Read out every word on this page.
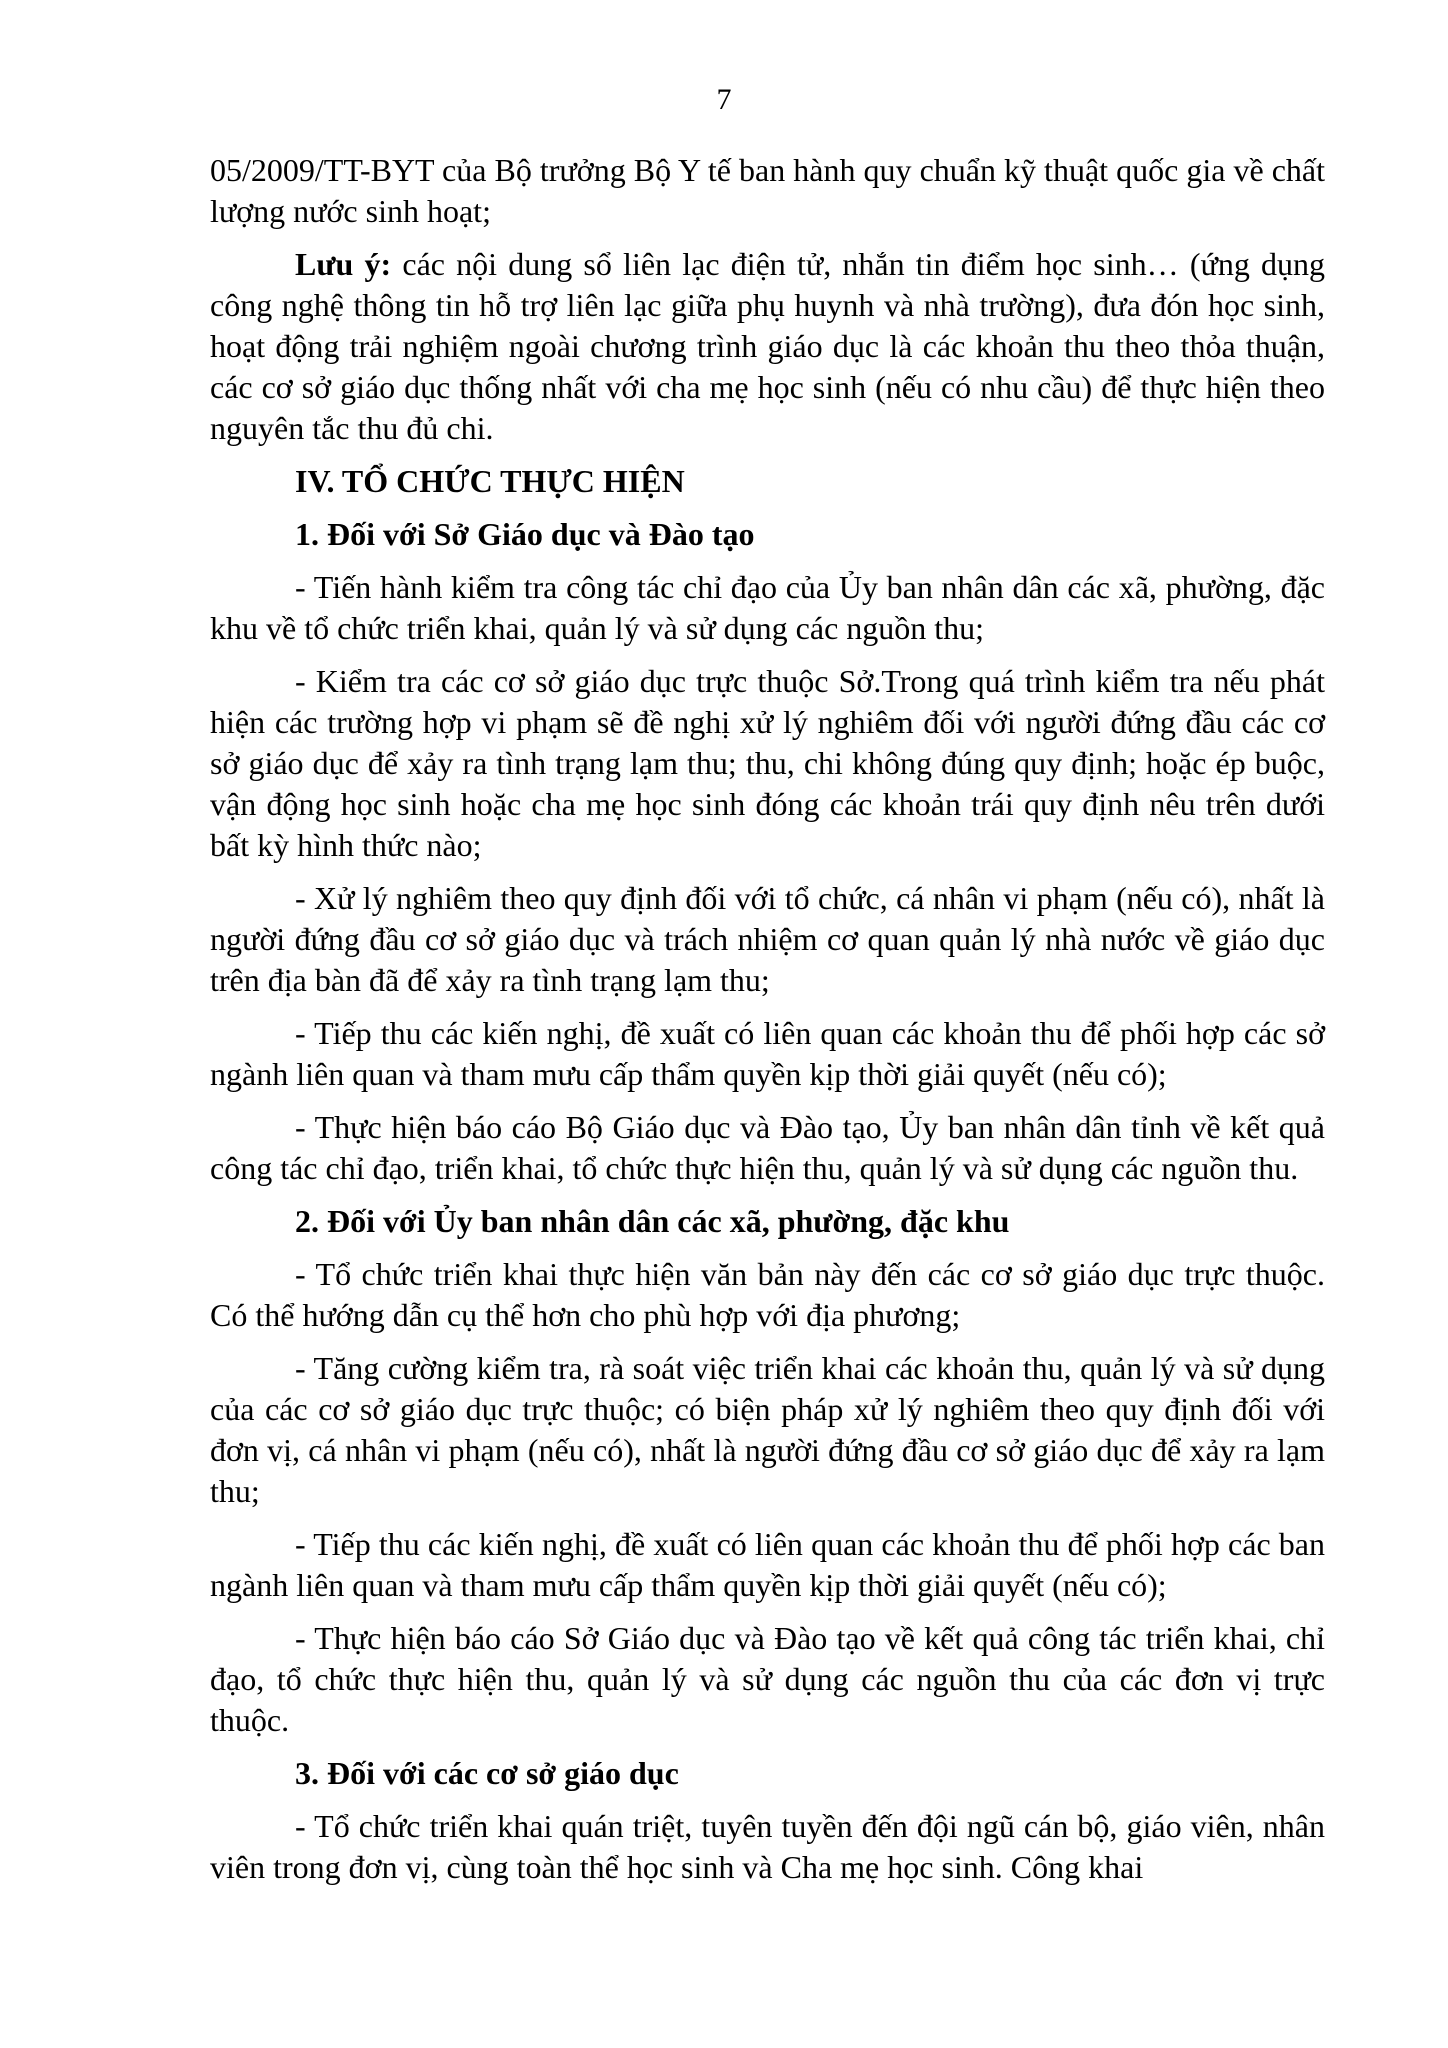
7

05/2009/TT-BYT của Bộ trưởng Bộ Y tế ban hành quy chuẩn kỹ thuật quốc gia về chất lượng nước sinh hoạt;

Lưu ý: các nội dung sổ liên lạc điện tử, nhắn tin điểm học sinh… (ứng dụng công nghệ thông tin hỗ trợ liên lạc giữa phụ huynh và nhà trường), đưa đón học sinh, hoạt động trải nghiệm ngoài chương trình giáo dục là các khoản thu theo thỏa thuận, các cơ sở giáo dục thống nhất với cha mẹ học sinh (nếu có nhu cầu) để thực hiện theo nguyên tắc thu đủ chi.

IV. TỔ CHỨC THỰC HIỆN
1. Đối với Sở Giáo dục và Đào tạo

- Tiến hành kiểm tra công tác chỉ đạo của Ủy ban nhân dân các xã, phường, đặc khu về tổ chức triển khai, quản lý và sử dụng các nguồn thu;

- Kiểm tra các cơ sở giáo dục trực thuộc Sở.Trong quá trình kiểm tra nếu phát hiện các trường hợp vi phạm sẽ đề nghị xử lý nghiêm đối với người đứng đầu các cơ sở giáo dục để xảy ra tình trạng lạm thu; thu, chi không đúng quy định; hoặc ép buộc, vận động học sinh hoặc cha mẹ học sinh đóng các khoản trái quy định nêu trên dưới bất kỳ hình thức nào;

- Xử lý nghiêm theo quy định đối với tổ chức, cá nhân vi phạm (nếu có), nhất là người đứng đầu cơ sở giáo dục và trách nhiệm cơ quan quản lý nhà nước về giáo dục trên địa bàn đã để xảy ra tình trạng lạm thu;

- Tiếp thu các kiến nghị, đề xuất có liên quan các khoản thu để phối hợp các sở ngành liên quan và tham mưu cấp thẩm quyền kịp thời giải quyết (nếu có);

- Thực hiện báo cáo Bộ Giáo dục và Đào tạo, Ủy ban nhân dân tỉnh về kết quả công tác chỉ đạo, triển khai, tổ chức thực hiện thu, quản lý và sử dụng các nguồn thu.

2. Đối với Ủy ban nhân dân các xã, phường, đặc khu

- Tổ chức triển khai thực hiện văn bản này đến các cơ sở giáo dục trực thuộc. Có thể hướng dẫn cụ thể hơn cho phù hợp với địa phương;

- Tăng cường kiểm tra, rà soát việc triển khai các khoản thu, quản lý và sử dụng của các cơ sở giáo dục trực thuộc; có biện pháp xử lý nghiêm theo quy định đối với đơn vị, cá nhân vi phạm (nếu có), nhất là người đứng đầu cơ sở giáo dục để xảy ra lạm thu;

- Tiếp thu các kiến nghị, đề xuất có liên quan các khoản thu để phối hợp các ban ngành liên quan và tham mưu cấp thẩm quyền kịp thời giải quyết (nếu có);

- Thực hiện báo cáo Sở Giáo dục và Đào tạo về kết quả công tác triển khai, chỉ đạo, tổ chức thực hiện thu, quản lý và sử dụng các nguồn thu của các đơn vị trực thuộc.

3. Đối với các cơ sở giáo dục

- Tổ chức triển khai quán triệt, tuyên tuyền đến đội ngũ cán bộ, giáo viên, nhân viên trong đơn vị, cùng toàn thể học sinh và Cha mẹ học sinh. Công khai
